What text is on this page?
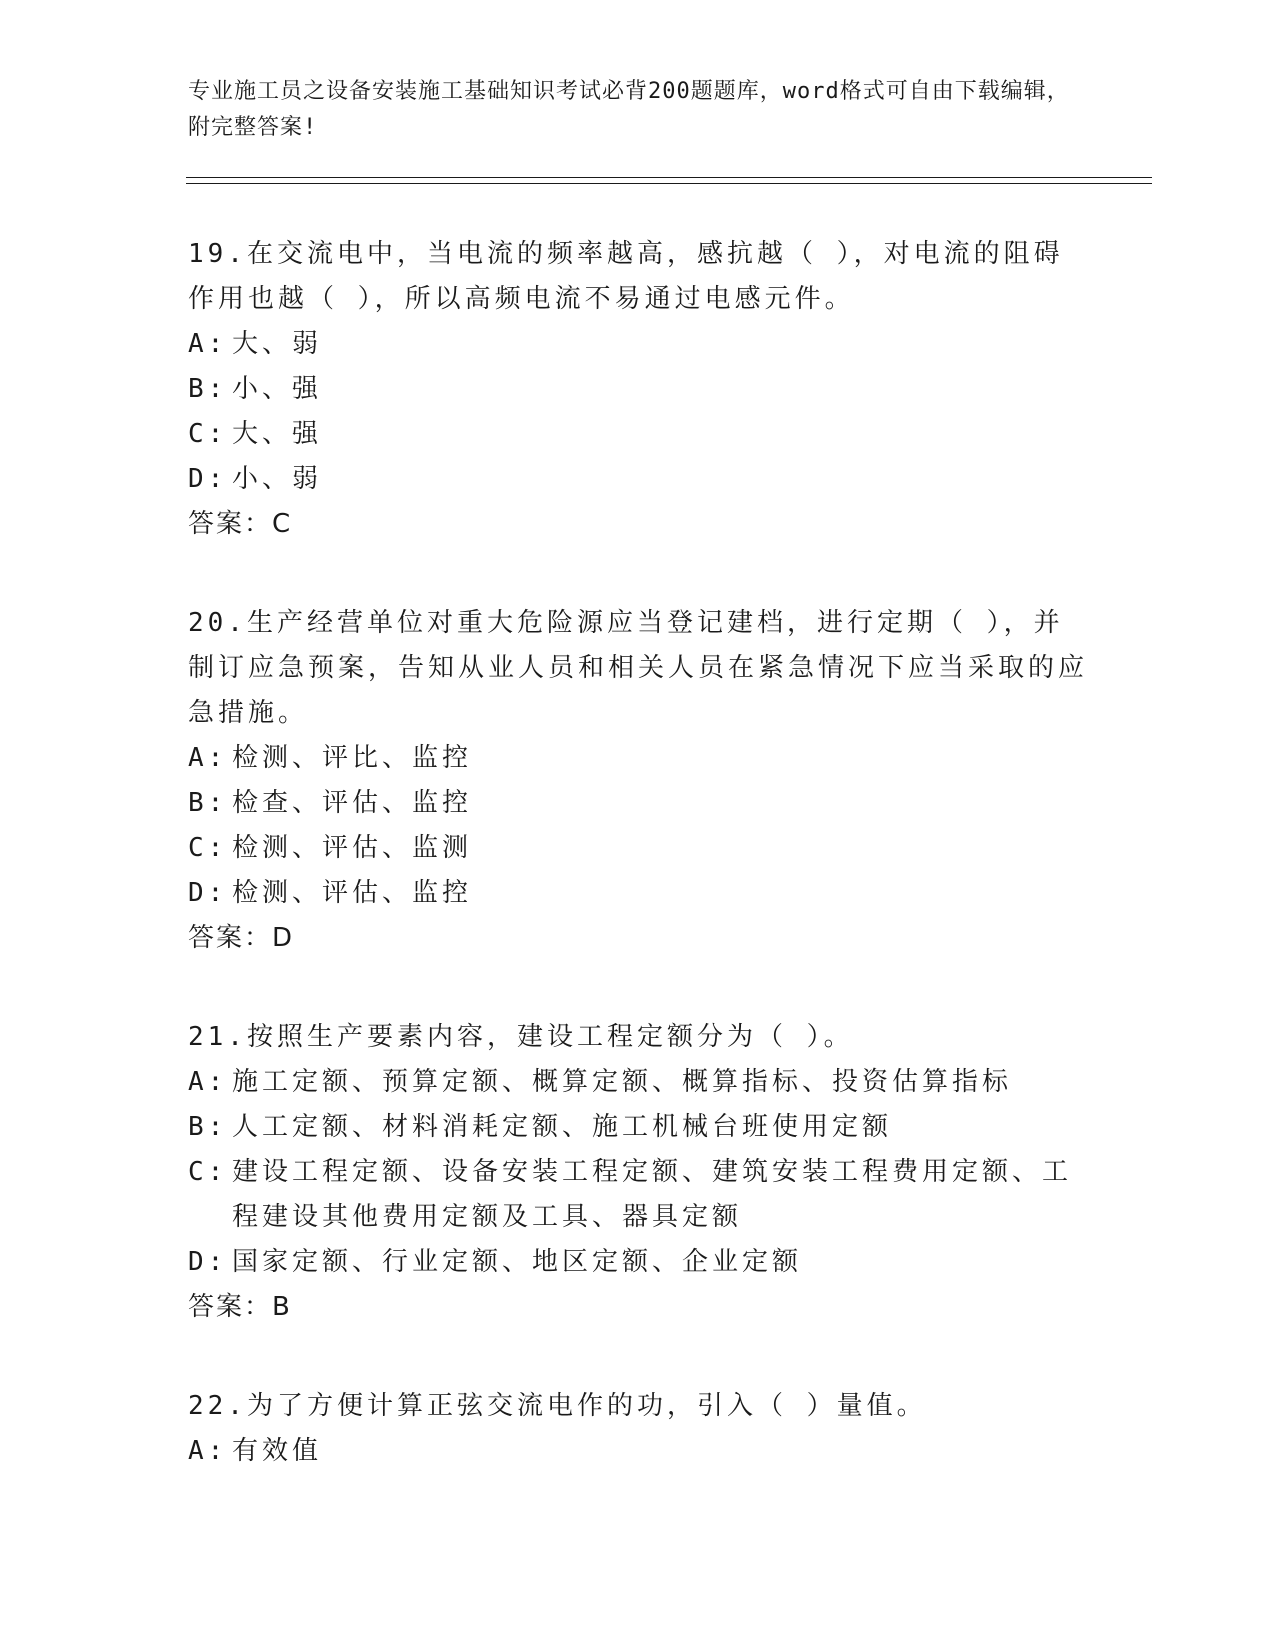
专业施工员之设备安装施工基础知识考试必背200题题库，word格式可自由下载编辑，附完整答案!

19.在交流电中，当电流的频率越高，感抗越（ ），对电流的阻碍作用也越（ ），所以高频电流不易通过电感元件。

A: 大、弱
B: 小、强
C: 大、强
D: 小、弱

答案：C

20.生产经营单位对重大危险源应当登记建档，进行定期（ ），并制订应急预案，告知从业人员和相关人员在紧急情况下应当采取的应急措施。

A: 检测、评比、监控
B: 检查、评估、监控
C: 检测、评估、监测
D: 检测、评估、监控

答案：D

21.按照生产要素内容，建设工程定额分为（ ）。

A: 施工定额、预算定额、概算定额、概算指标、投资估算指标
B: 人工定额、材料消耗定额、施工机械台班使用定额
C: 建设工程定额、设备安装工程定额、建筑安装工程费用定额、工程建设其他费用定额及工具、器具定额
D: 国家定额、行业定额、地区定额、企业定额

答案：B

22.为了方便计算正弦交流电作的功，引入（ ）量值。

A: 有效值
